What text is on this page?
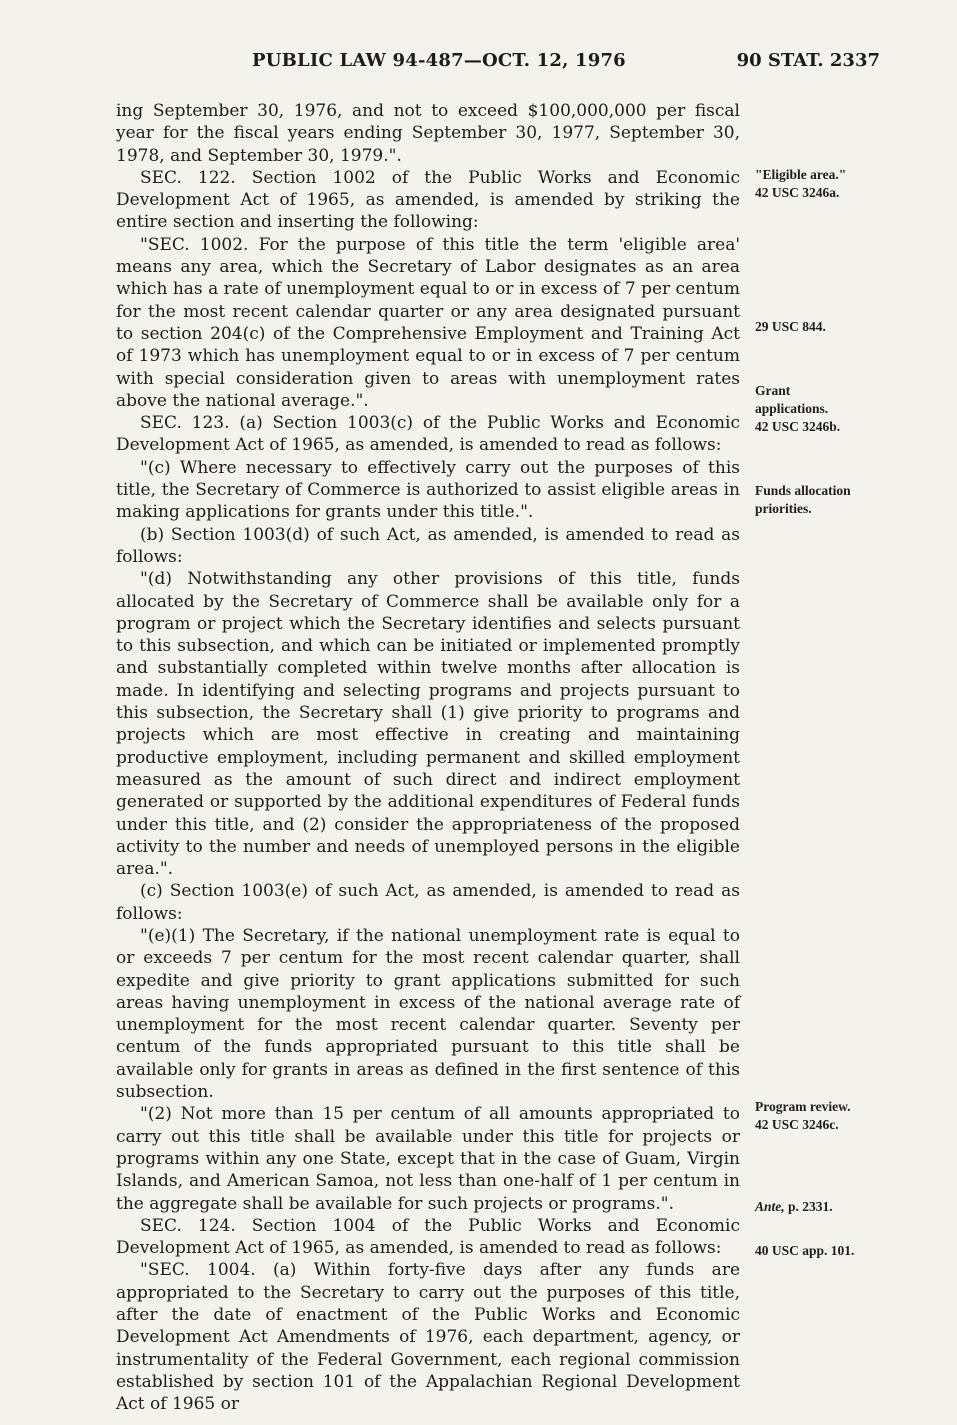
PUBLIC LAW 94-487—OCT. 12, 1976	90 STAT. 2337

ing September 30, 1976, and not to exceed $100,000,000 per fiscal year for the fiscal years ending September 30, 1977, September 30, 1978, and September 30, 1979.".

SEC. 122. Section 1002 of the Public Works and Economic Development Act of 1965, as amended, is amended by striking the entire section and inserting the following:

"SEC. 1002. For the purpose of this title the term 'eligible area' means any area, which the Secretary of Labor designates as an area which has a rate of unemployment equal to or in excess of 7 per centum for the most recent calendar quarter or any area designated pursuant to section 204(c) of the Comprehensive Employment and Training Act of 1973 which has unemployment equal to or in excess of 7 per centum with special consideration given to areas with unemployment rates above the national average.".

SEC. 123. (a) Section 1003(c) of the Public Works and Economic Development Act of 1965, as amended, is amended to read as follows:

"(c) Where necessary to effectively carry out the purposes of this title, the Secretary of Commerce is authorized to assist eligible areas in making applications for grants under this title.".

(b) Section 1003(d) of such Act, as amended, is amended to read as follows:

"(d) Notwithstanding any other provisions of this title, funds allocated by the Secretary of Commerce shall be available only for a program or project which the Secretary identifies and selects pursuant to this subsection, and which can be initiated or implemented promptly and substantially completed within twelve months after allocation is made. In identifying and selecting programs and projects pursuant to this subsection, the Secretary shall (1) give priority to programs and projects which are most effective in creating and maintaining productive employment, including permanent and skilled employment measured as the amount of such direct and indirect employment generated or supported by the additional expenditures of Federal funds under this title, and (2) consider the appropriateness of the proposed activity to the number and needs of unemployed persons in the eligible area.".

(c) Section 1003(e) of such Act, as amended, is amended to read as follows:

"(e)(1) The Secretary, if the national unemployment rate is equal to or exceeds 7 per centum for the most recent calendar quarter, shall expedite and give priority to grant applications submitted for such areas having unemployment in excess of the national average rate of unemployment for the most recent calendar quarter. Seventy per centum of the funds appropriated pursuant to this title shall be available only for grants in areas as defined in the first sentence of this subsection.

"(2) Not more than 15 per centum of all amounts appropriated to carry out this title shall be available under this title for projects or programs within any one State, except that in the case of Guam, Virgin Islands, and American Samoa, not less than one-half of 1 per centum in the aggregate shall be available for such projects or programs.".

SEC. 124. Section 1004 of the Public Works and Economic Development Act of 1965, as amended, is amended to read as follows:

"SEC. 1004. (a) Within forty-five days after any funds are appropriated to the Secretary to carry out the purposes of this title, after the date of enactment of the Public Works and Economic Development Act Amendments of 1976, each department, agency, or instrumentality of the Federal Government, each regional commission established by section 101 of the Appalachian Regional Development Act of 1965 or

"Eligible area."
42 USC 3246a.
29 USC 844.
Grant
applications.
42 USC 3246b.
Funds allocation
priorities.
Program review.
42 USC 3246c.
Ante, p. 2331.
40 USC app. 101.
